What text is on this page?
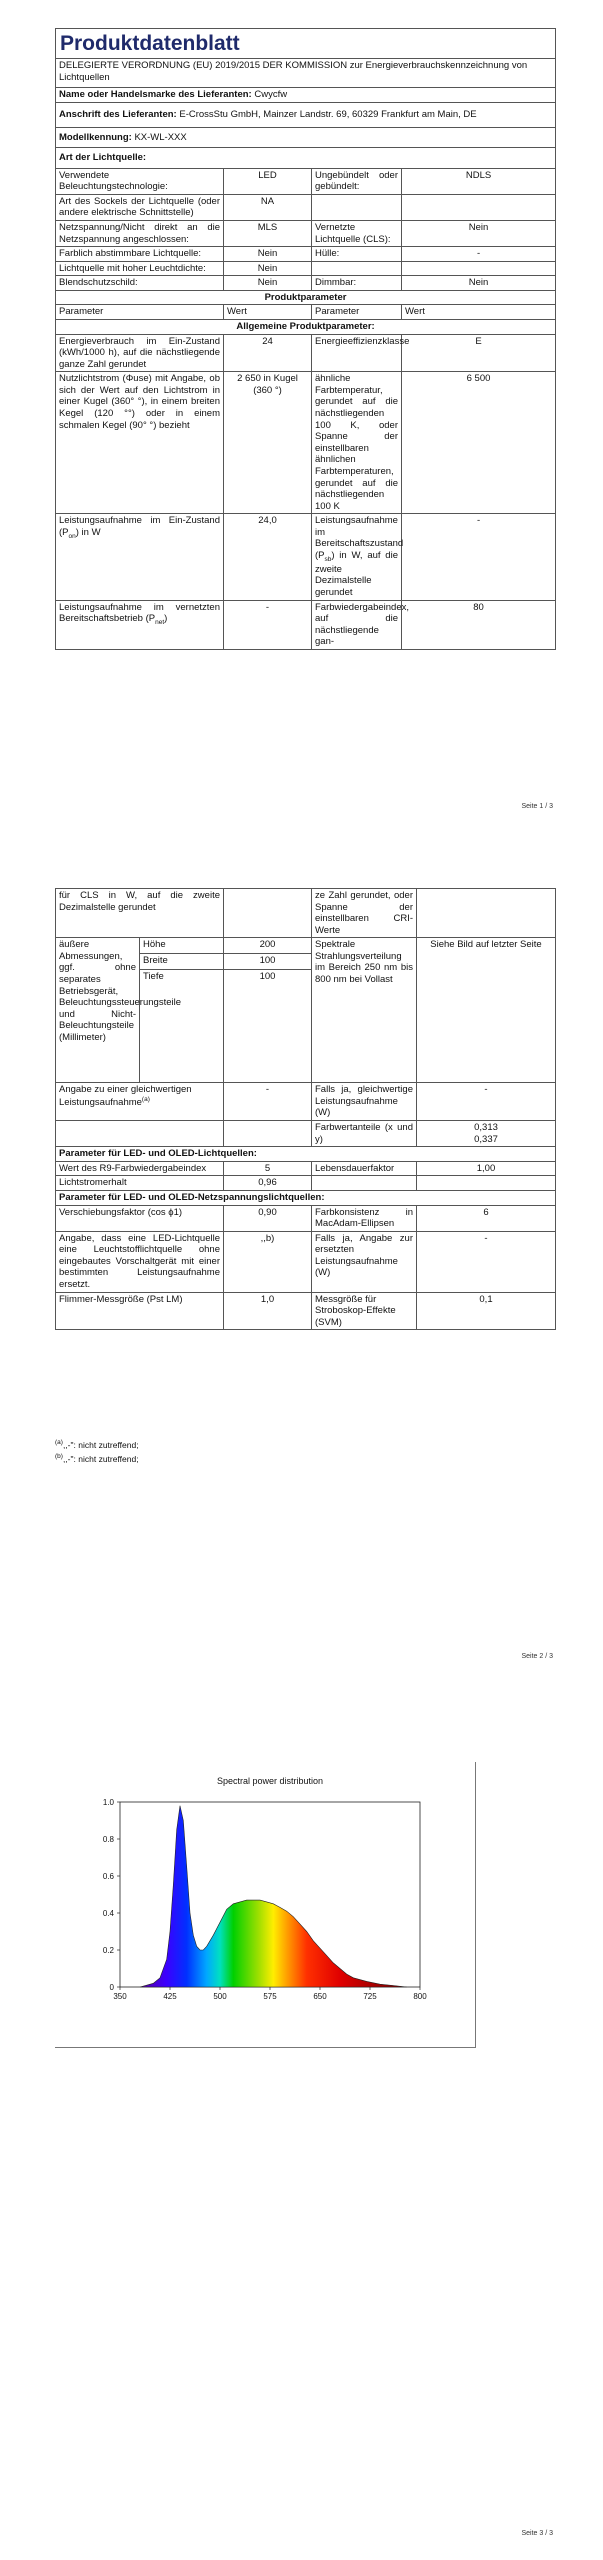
Produktdatenblatt			
DELEGIERTE VERORDNUNG (EU) 2019/2015 DER KOMMISSION zur Energieverbrauchskennzeichnung von Lichtquellen			
Name oder Handelsmarke des Lieferanten: Cwycfw			
Anschrift des Lieferanten: E-CrossStu GmbH, Mainzer Landstr. 69, 60329 Frankfurt am Main, DE			
Modellkennung: KX-WL-XXX			
Art der Lichtquelle:			
Verwendete Beleuchtungstechnologie:	LED	Ungebündelt oder gebündelt:	NDLS
Art des Sockels der Lichtquelle (oder andere elektrische Schnittstelle)	NA		
Netzspannung/Nicht direkt an die Netzspannung angeschlossen:	MLS	Vernetzte Lichtquelle (CLS):	Nein
Farblich abstimmbare Lichtquelle:	Nein	Hülle:	-
Lichtquelle mit hoher Leuchtdichte:	Nein		
Blendschutzschild:	Nein	Dimmbar:	Nein
Produktparameter			
Parameter	Wert	Parameter	Wert
Allgemeine Produktparameter:			
Energieverbrauch im Ein-Zustand (kWh/1000 h), auf die nächstliegende ganze Zahl gerundet	24	Energieeffizienzklasse	E
Nutzlichtstrom (Φuse) mit Angabe, ob sich der Wert auf den Lichtstrom in einer Kugel (360° °), in einem breiten Kegel (120 °°) oder in einem schmalen Kegel (90° °) bezieht	2 650 in Kugel (360 °)	ähnliche Farbtemperatur, gerundet auf die nächstliegenden 100 K, oder Spanne der einstellbaren ähnlichen Farbtemperaturen, gerundet auf die nächstliegenden 100 K	6 500
Leistungsaufnahme im Ein-Zustand $(P_{on})$ in W	24,0	Leistungsaufnahme im Bereitschaftszustand $(P_{sb})$ in W, auf die zweite Dezimalstelle gerundet	-
Leistungsaufnahme im vernetzten Bereitschaftsbetrieb $(P_{net})$	-	Farbwiedergabeindex, auf die nächstliegende gan-	80
Seite 1 / 3
für CLS in W, auf die zweite Dezimalstelle gerundet			ze Zahl gerundet, oder Spanne der einstellbaren CRI-Werte	
äußere Abmessungen, ggf. ohne separates Betriebsgerät, Beleuchtungssteuerungsteile und Nicht-Beleuchtungsteile (Millimeter)	Höhe	200	Spektrale Strahlungsverteilung im Bereich 250 nm bis 800 nm bei Vollast	Siehe Bild auf letzter Seite
	Breite	100		
	Tiefe	100		
Angabe zu einer gleichwertigen Leistungsaufnahme$^{(a)}$		-	Falls ja, gleichwertige Leistungsaufnahme (W)	-
			Farbwertanteile (x und y)	0,313
0,337

Parameter für LED- und OLED-Lichtquellen:				
Wert des R9-Farbwiedergabeindex		5	Lebensdauerfaktor	1,00
Lichtstromerhalt		0,96		
Parameter für LED- und OLED-Netzspannungslichtquellen:				
Verschiebungsfaktor (cos ϕ1)		0,90	Farbkonsistenz in MacAdam-Ellipsen	6
Angabe, dass eine LED-Lichtquelle eine Leuchtstofflichtquelle ohne eingebautes Vorschaltgerät mit einer bestimmten Leistungsaufnahme ersetzt.		,,b)	Falls ja, Angabe zur ersetzten Leistungsaufnahme (W)	-
Flimmer-Messgröße (Pst LM)		1,0	Messgröße für Stroboskop-Effekte (SVM)	0,1
$^{(a)}$,,-": nicht zutreffend;
$^{(b)}$,,-": nicht zutreffend;
Seite 2 / 3
Spectral power distribution
350	425	500	575	650	725	800
0
0.2
0.4
0.6
0.8
1.0
Seite 3 / 3
